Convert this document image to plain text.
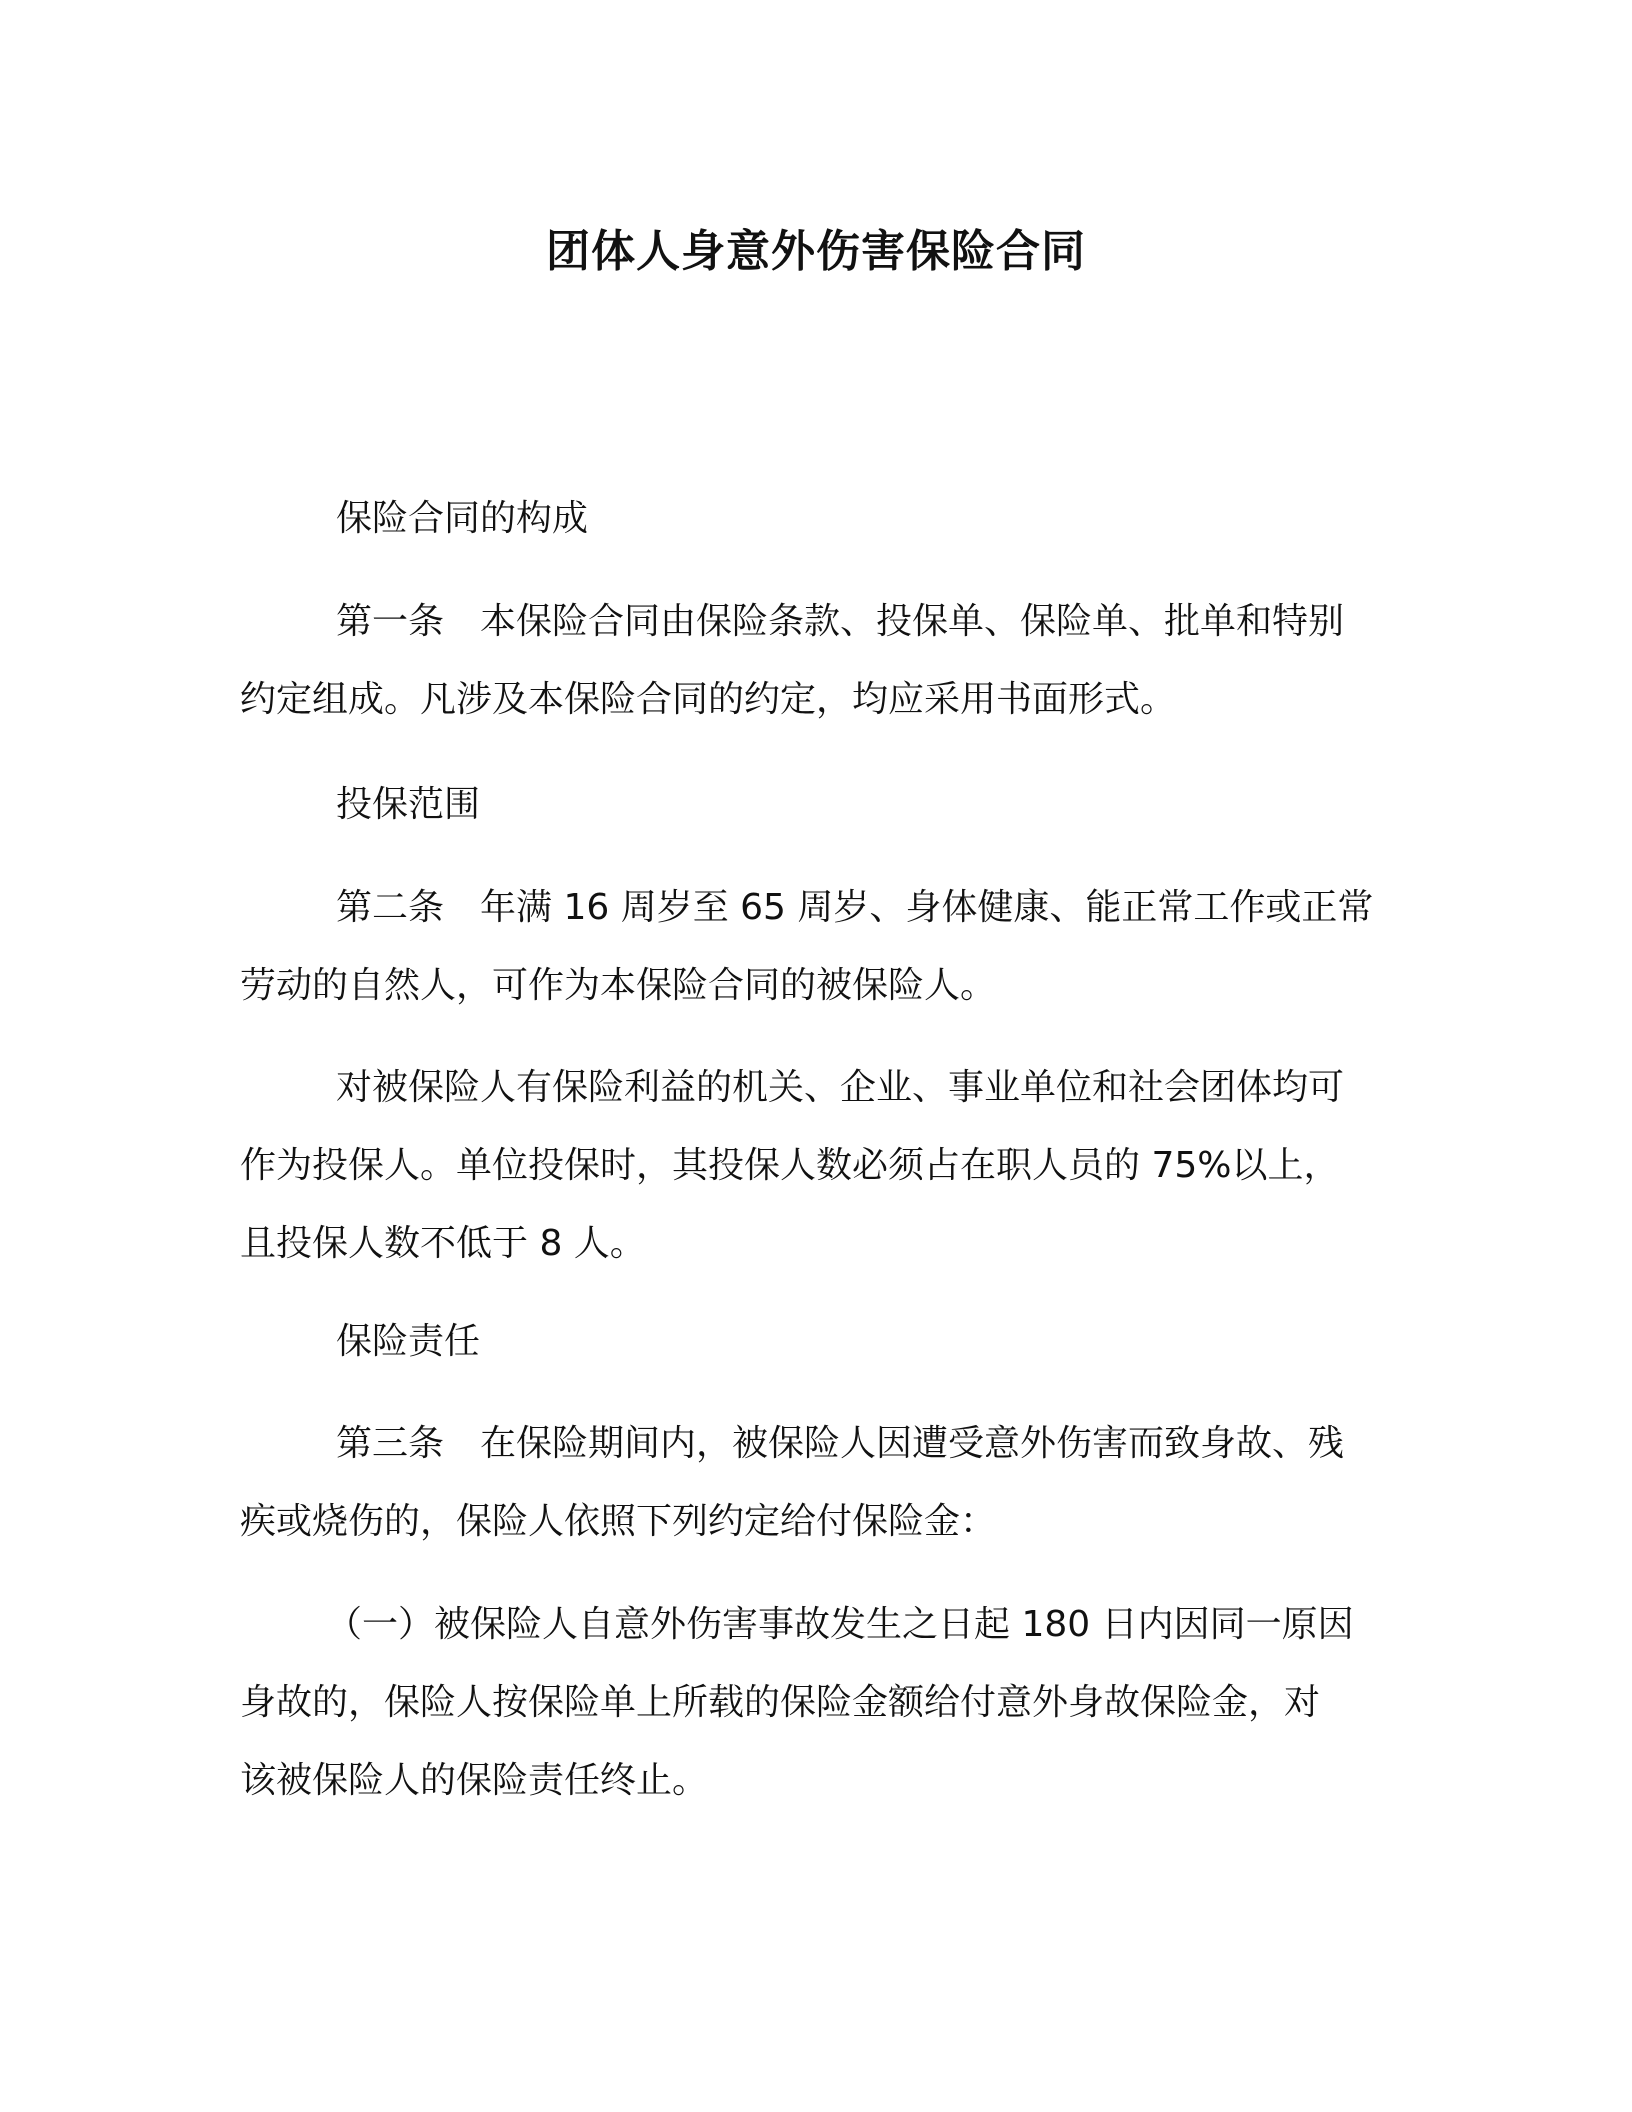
团体人身意外伤害保险合同
保险合同的构成
第一条　本保险合同由保险条款、投保单、保险单、批单和特别
约定组成。凡涉及本保险合同的约定，均应采用书面形式。
投保范围
第二条　年满 16 周岁至 65 周岁、身体健康、能正常工作或正常
劳动的自然人，可作为本保险合同的被保险人。
对被保险人有保险利益的机关、企业、事业单位和社会团体均可
作为投保人。单位投保时，其投保人数必须占在职人员的 75%以上，
且投保人数不低于 8 人。
保险责任
第三条　在保险期间内，被保险人因遭受意外伤害而致身故、残
疾或烧伤的，保险人依照下列约定给付保险金：
（一）被保险人自意外伤害事故发生之日起 180 日内因同一原因
身故的，保险人按保险单上所载的保险金额给付意外身故保险金，对
该被保险人的保险责任终止。
